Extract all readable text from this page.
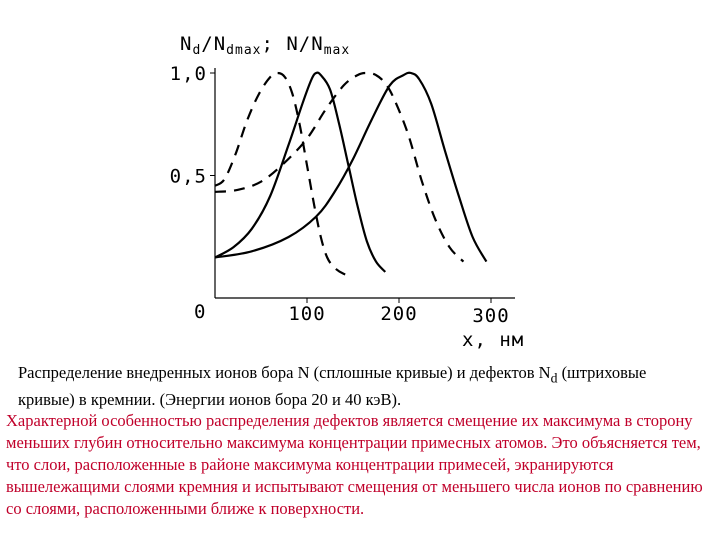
$N_d/N_{dmax}$; $N/N_{max}$
0
x, нм
100	200	300
0,5
1,0
Распределение внедренных ионов бора N (сплошные кривые) и дефектов $N_d$ (штриховые
кривые) в кремнии. (Энергии ионов бора 20 и 40 кэВ).
Характерной особенностью распределения дефектов является смещение их максимума в сторону меньших глубин относительно максимума концентрации примесных атомов. Это объясняется тем, что слои, расположенные в районе максимума концентрации примесей, экранируются вышележащими слоями кремния и испытывают смещения от меньшего числа ионов по сравнению со слоями, расположенными ближе к поверхности.
